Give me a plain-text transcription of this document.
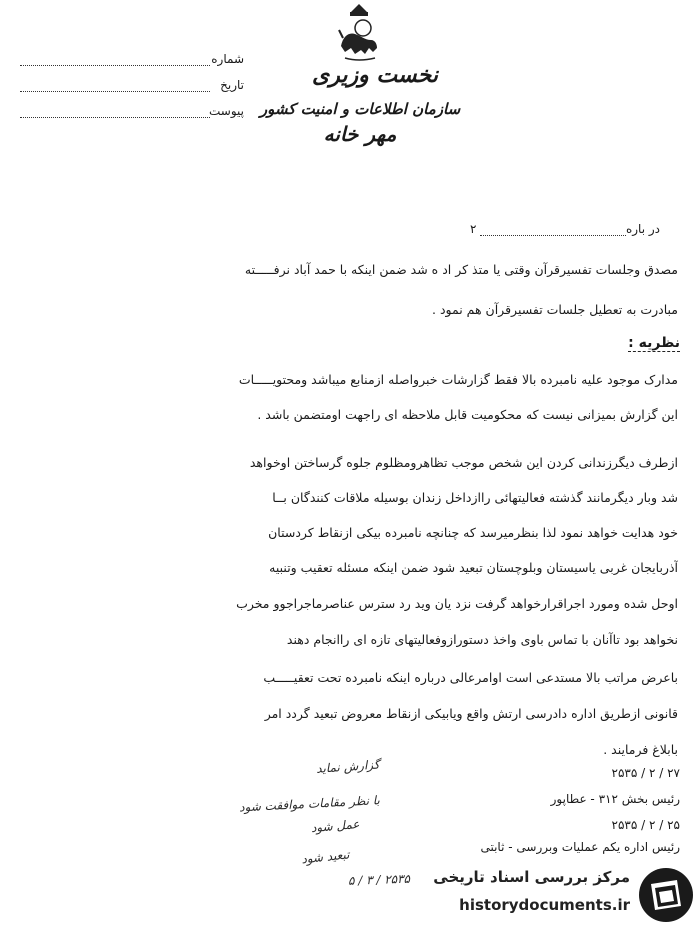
شماره
تاريخ
پيوست
نخست وزیری
سازمان اطلاعات و امنیت کشور
مهر خانه
در باره
۲
مصدق وجلسات تفسیرقرآن وقتی یا متذ کر اد ه شد ضمن اینکه با حمد آباد نرفـــــته
مبادرت به تعطیل جلسات تفسیرقرآن هم نمود .
نظریه :
مدارک موجود علیه نامبرده بالا فقط گزارشات خبرواصله ازمنابع میباشد ومحتویـــــات
این گزارش بمیزانی نیست که محکومیت قابل ملاحظه ای راجهت اومتضمن باشد .
ازطرف دیگرزندانی کردن این شخص موجب تظاهرومظلوم جلوه گرساختن اوخواهد
شد وبار دیگرمانند گذشته فعالیتهائی راازداخل زندان بوسیله ملاقات کنندگان بــا
خود هدایت خواهد نمود لذا بنظرمیرسد که چنانچه نامبرده بیکی ازنقاط کردستان
آذربایجان غربی یاسیستان وبلوچستان تبعید شود ضمن اینکه مسئله تعقیب وتنبیه
اوحل شده ومورد اجراقرارخواهد گرفت نزد یان وید رد سترس عناصرماجراجوو مخرب
نخواهد بود تاآنان با تماس باوی واخذ دستورازوفعالیتهای تازه ای راانجام دهند
باعرض مراتب بالا مستدعی است اوامرعالی درباره اینکه نامبرده تحت تعقیـــــب
قانونی ازطریق اداره دادرسی ارتش واقع ویابیکی ازنقاط معروض تبعید گردد امر
بابلاغ فرمایند .
۲۷ / ۲ / ۲۵۳۵
رئیس بخش ۳۱۲ - عطاپور
۲۵ / ۲ / ۲۵۳۵
رئیس اداره یکم عملیات وبررسی - ثابتی
گزارش نماید
با نظر مقامات موافقت شود
عمل شود
تبعید شود
۲۵۳۵ / ۳ / ۵	مرکز بررسی اسناد تاریخی
historydocuments.ir
